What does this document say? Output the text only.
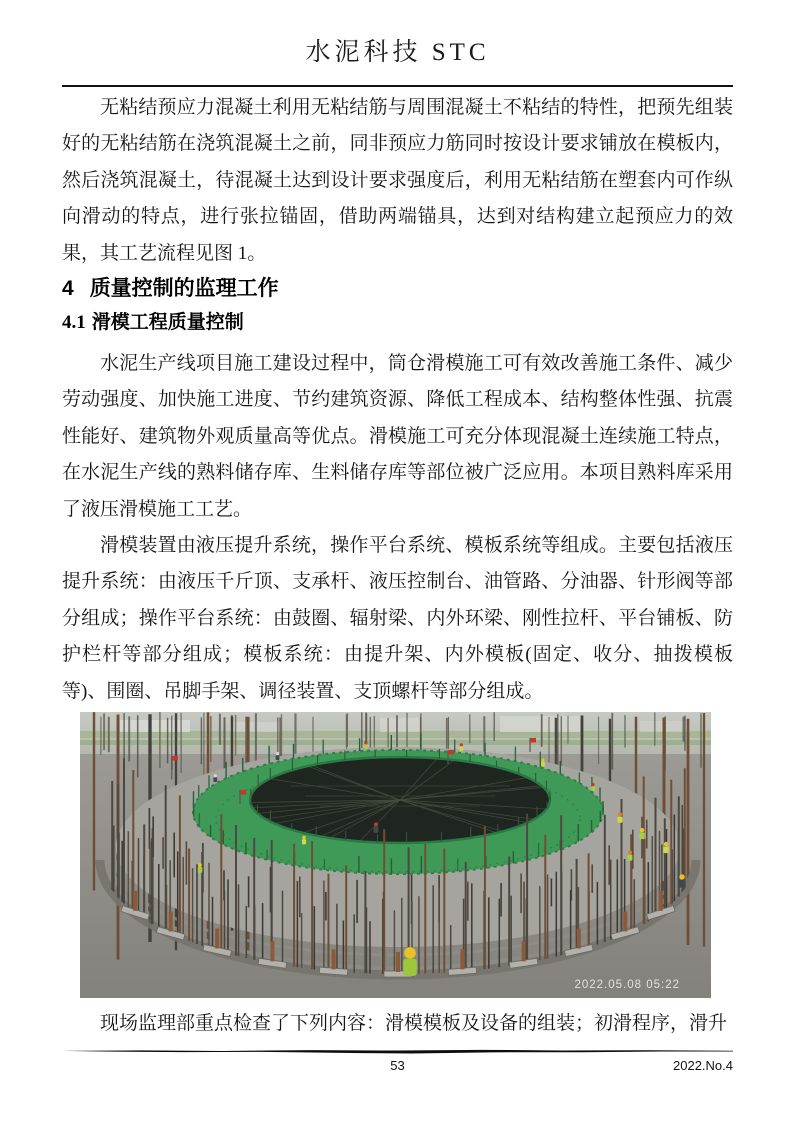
水泥科技 STC

无粘结预应力混凝土利用无粘结筋与周围混凝土不粘结的特性，把预先组装好的无粘结筋在浇筑混凝土之前，同非预应力筋同时按设计要求铺放在模板内，然后浇筑混凝土，待混凝土达到设计要求强度后，利用无粘结筋在塑套内可作纵向滑动的特点，进行张拉锚固，借助两端锚具，达到对结构建立起预应力的效果，其工艺流程见图 1。

4 质量控制的监理工作
4.1 滑模工程质量控制

水泥生产线项目施工建设过程中，筒仓滑模施工可有效改善施工条件、减少劳动强度、加快施工进度、节约建筑资源、降低工程成本、结构整体性强、抗震性能好、建筑物外观质量高等优点。滑模施工可充分体现混凝土连续施工特点，在水泥生产线的熟料储存库、生料储存库等部位被广泛应用。本项目熟料库采用了液压滑模施工工艺。

滑模装置由液压提升系统，操作平台系统、模板系统等组成。主要包括液压提升系统：由液压千斤顶、支承杆、液压控制台、油管路、分油器、针形阀等部分组成；操作平台系统：由鼓圈、辐射梁、内外环梁、刚性拉杆、平台铺板、防护栏杆等部分组成；模板系统：由提升架、内外模板(固定、收分、抽拨模板等)、围圈、吊脚手架、调径装置、支顶螺杆等部分组成。

2022.05.08 05:22

现场监理部重点检查了下列内容：滑模模板及设备的组装；初滑程序，滑升

53	2022.No.4
